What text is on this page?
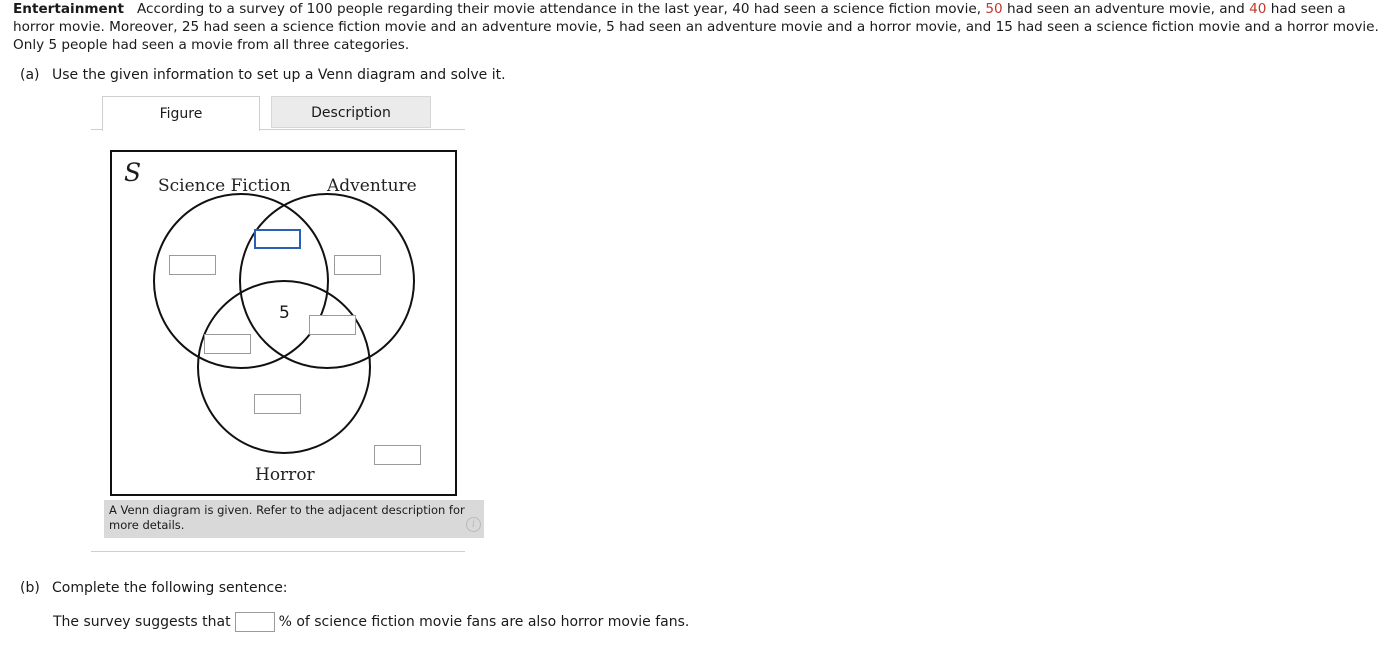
Entertainment According to a survey of 100 people regarding their movie attendance in the last year, 40 had seen a science fiction movie, 50 had seen an adventure movie, and 40 had seen a
horror movie. Moreover, 25 had seen a science fiction movie and an adventure movie, 5 had seen an adventure movie and a horror movie, and 15 had seen a science fiction movie and a horror movie.
Only 5 people had seen a movie from all three categories.
(a) Use the given information to set up a Venn diagram and solve it.
Figure	Description
S Science Fiction Adventure
Horror
5
A Venn diagram is given. Refer to the adjacent description for more details.	i
(b) Complete the following sentence:
The survey suggests that	% of science fiction movie fans are also horror movie fans.
